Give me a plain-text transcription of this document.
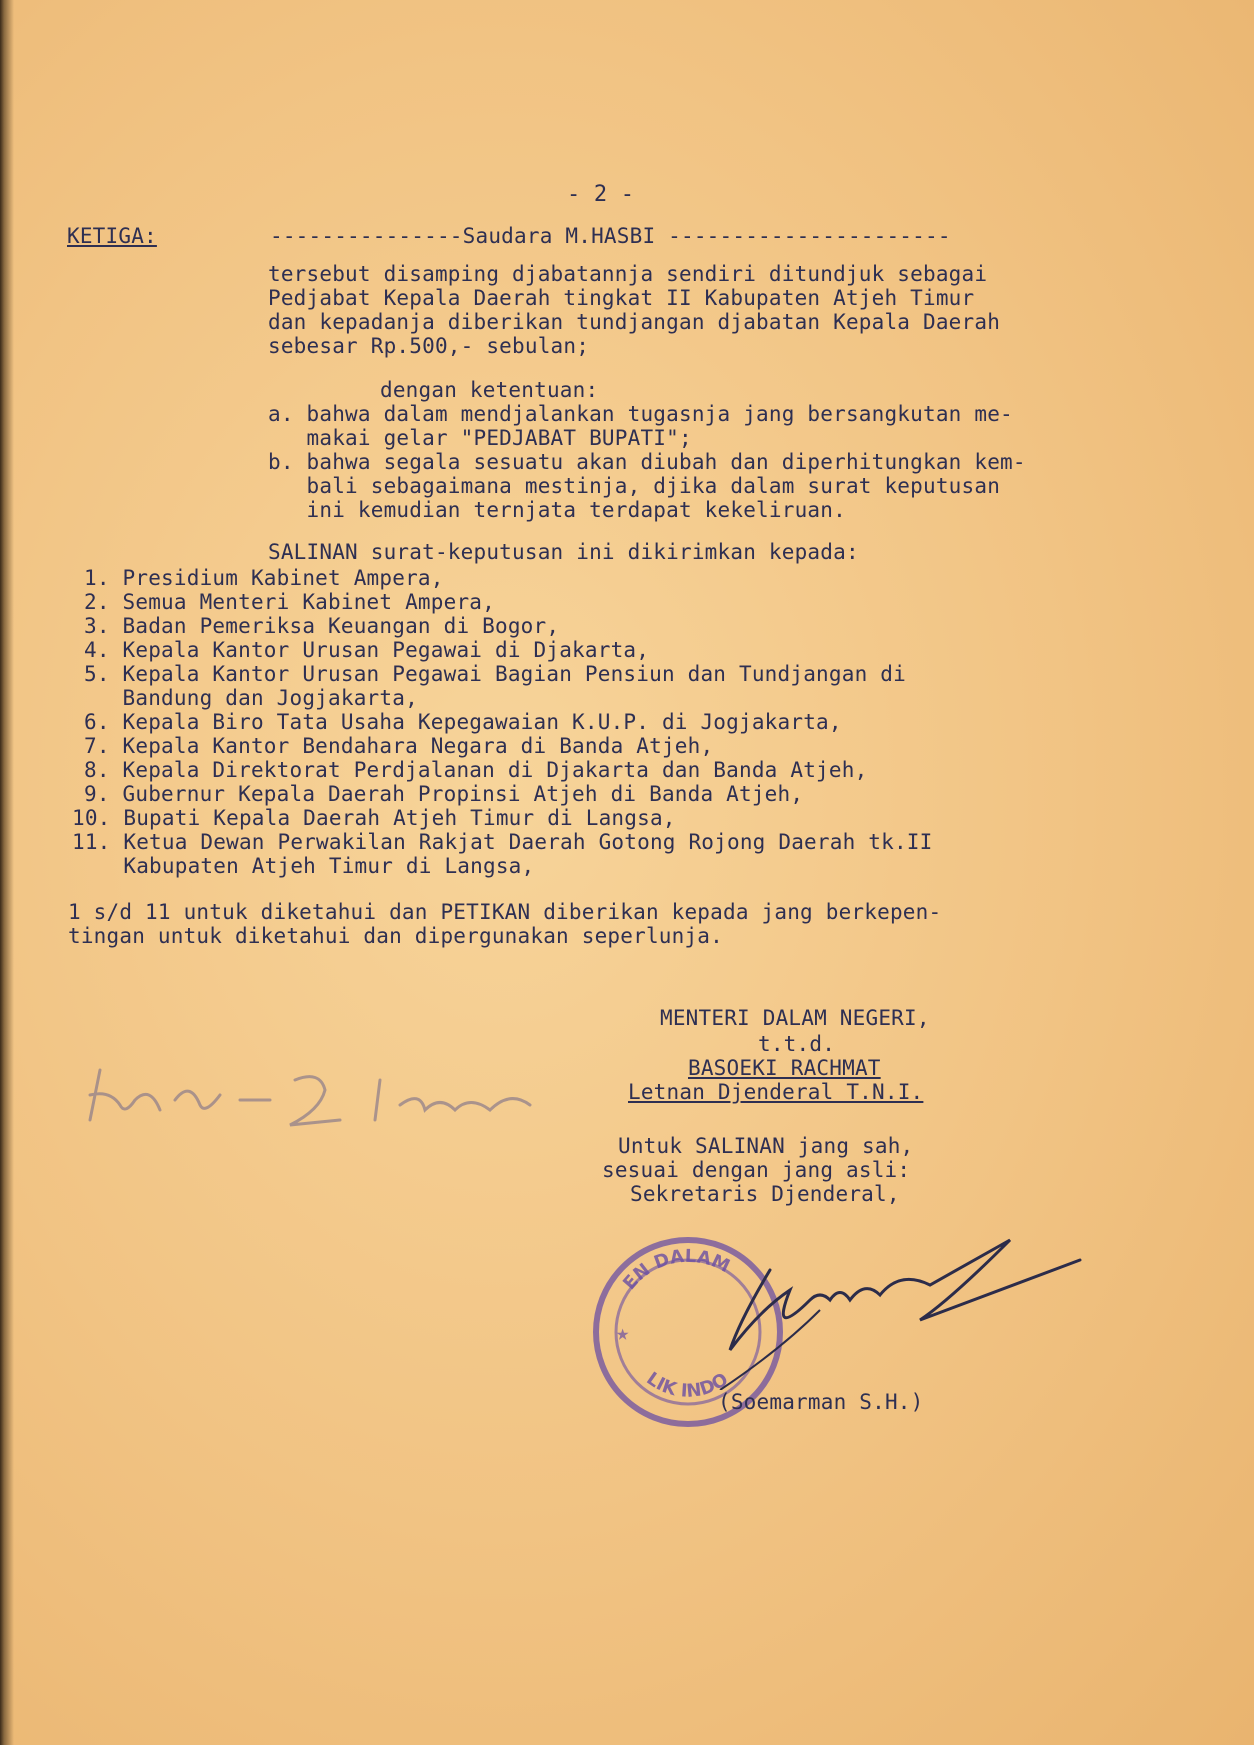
- 2 -
KETIGA:	---------------Saudara M.HASBI ----------------------
tersebut disamping djabatannja sendiri ditundjuk sebagai
Pedjabat Kepala Daerah tingkat II Kabupaten Atjeh Timur
dan kepadanja diberikan tundjangan djabatan Kepala Daerah
sebesar Rp.500,- sebulan;
dengan ketentuan:
a. bahwa dalam mendjalankan tugasnja jang bersangkutan me-
makai gelar "PEDJABAT BUPATI";
b. bahwa segala sesuatu akan diubah dan diperhitungkan kem-
bali sebagaimana mestinja, djika dalam surat keputusan
ini kemudian ternjata terdapat kekeliruan.
SALINAN surat-keputusan ini dikirimkan kepada:
1. Presidium Kabinet Ampera,
2. Semua Menteri Kabinet Ampera,
3. Badan Pemeriksa Keuangan di Bogor,
4. Kepala Kantor Urusan Pegawai di Djakarta,
5. Kepala Kantor Urusan Pegawai Bagian Pensiun dan Tundjangan di
Bandung dan Jogjakarta,
6. Kepala Biro Tata Usaha Kepegawaian K.U.P. di Jogjakarta,
7. Kepala Kantor Bendahara Negara di Banda Atjeh,
8. Kepala Direktorat Perdjalanan di Djakarta dan Banda Atjeh,
9. Gubernur Kepala Daerah Propinsi Atjeh di Banda Atjeh,
10. Bupati Kepala Daerah Atjeh Timur di Langsa,
11. Ketua Dewan Perwakilan Rakjat Daerah Gotong Rojong Daerah tk.II
Kabupaten Atjeh Timur di Langsa,
1 s/d 11 untuk diketahui dan PETIKAN diberikan kepada jang berkepen-
tingan untuk diketahui dan dipergunakan seperlunja.
MENTERI DALAM NEGERI,
t.t.d.
BASOEKI RACHMAT
Letnan Djenderal T.N.I.
Untuk SALINAN jang sah,
sesuai dengan jang asli:
Sekretaris Djenderal,
EN DALAM
LIK INDO
★
(Soemarman S.H.)
